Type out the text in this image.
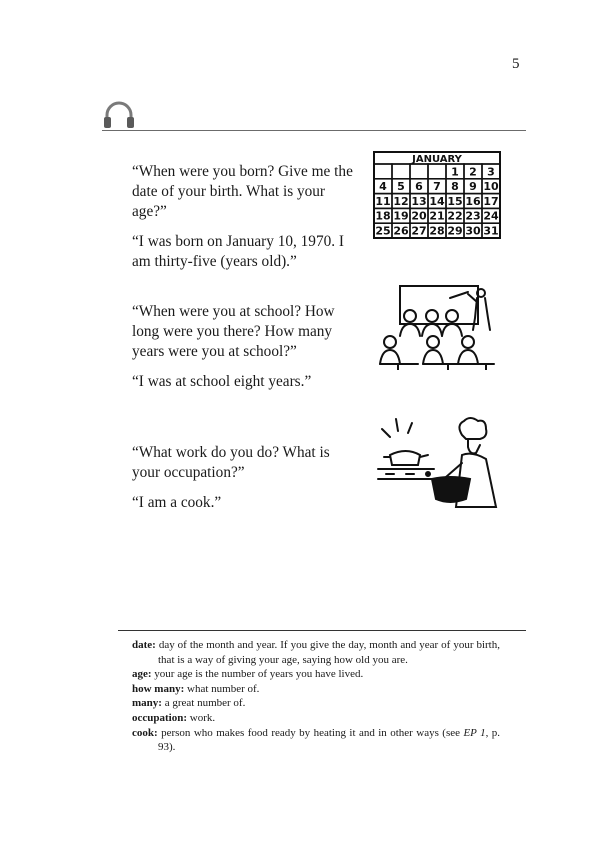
5

“When were you born? Give me the date of your birth. What is your age?”

“I was born on January 10, 1970. I am thirty-five (years old).”

JANUARY
1 2 3
4 5 6 7 8 9 10
11 12 13 14 15 16 17
18 19 20 21 22 23 24
25 26 27 28 29 30 31

“When were you at school? How long were you there? How many years were you at school?”

“I was at school eight years.”

“What work do you do? What is your occupation?”

“I am a cook.”

date: day of the month and year. If you give the day, month and year of your birth, that is a way of giving your age, saying how old you are.

age: your age is the number of years you have lived.

how many: what number of.

many: a great number of.

occupation: work.

cook: person who makes food ready by heating it and in other ways (see EP 1, p. 93).
